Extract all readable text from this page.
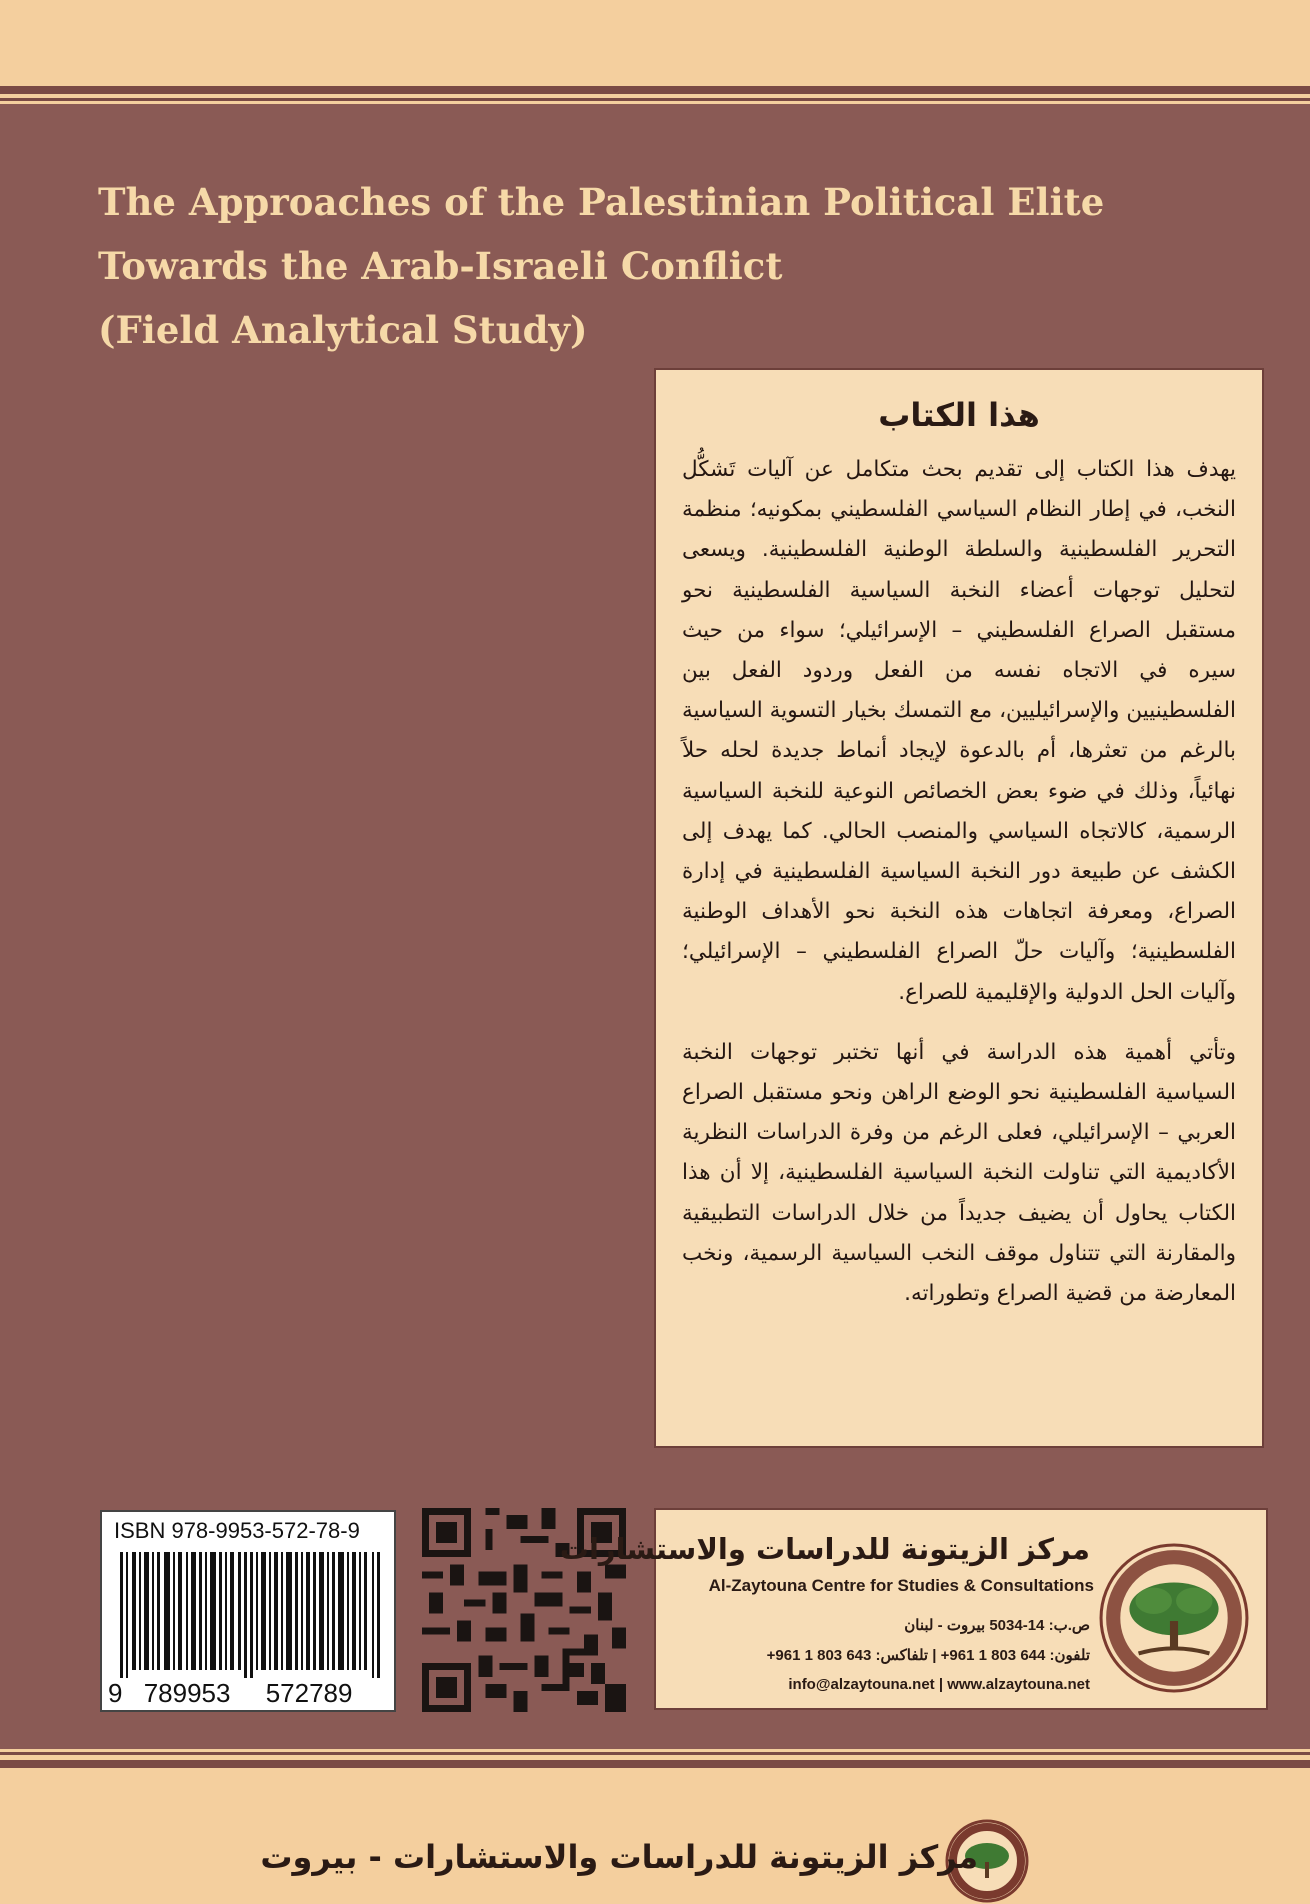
The Approaches of the Palestinian Political Elite
Towards the Arab-Israeli Conflict
(Field Analytical Study)
هذا الكتاب

يهدف هذا الكتاب إلى تقديم بحث متكامل عن آليات تَشكُّل النخب، في إطار النظام السياسي الفلسطيني بمكونيه؛ منظمة التحرير الفلسطينية والسلطة الوطنية الفلسطينية. ويسعى لتحليل توجهات أعضاء النخبة السياسية الفلسطينية نحو مستقبل الصراع الفلسطيني – الإسرائيلي؛ سواء من حيث سيره في الاتجاه نفسه من الفعل وردود الفعل بين الفلسطينيين والإسرائيليين، مع التمسك بخيار التسوية السياسية بالرغم من تعثرها، أم بالدعوة لإيجاد أنماط جديدة لحله حلاً نهائياً، وذلك في ضوء بعض الخصائص النوعية للنخبة السياسية الرسمية، كالاتجاه السياسي والمنصب الحالي. كما يهدف إلى الكشف عن طبيعة دور النخبة السياسية الفلسطينية في إدارة الصراع، ومعرفة اتجاهات هذه النخبة نحو الأهداف الوطنية الفلسطينية؛ وآليات حلّ الصراع الفلسطيني – الإسرائيلي؛ وآليات الحل الدولية والإقليمية للصراع.

وتأتي أهمية هذه الدراسة في أنها تختبر توجهات النخبة السياسية الفلسطينية نحو الوضع الراهن ونحو مستقبل الصراع العربي – الإسرائيلي، فعلى الرغم من وفرة الدراسات النظرية الأكاديمية التي تناولت النخبة السياسية الفلسطينية، إلا أن هذا الكتاب يحاول أن يضيف جديداً من خلال الدراسات التطبيقية والمقارنة التي تتناول موقف النخب السياسية الرسمية، ونخب المعارضة من قضية الصراع وتطوراته.

ISBN 978-9953-572-78-9
9 789953 572789
مركز الزيتونة للدراسات والاستشارات
Al-Zaytouna Centre for Studies & Consultations
ص.ب: 14-5034 بيروت - لبنان
تلفون: 644 803 1 961+ | تلفاكس: 643 803 1 961+
info@alzaytouna.net | www.alzaytouna.net
مركز الزيتونة للدراسات والاستشارات - بيروت
